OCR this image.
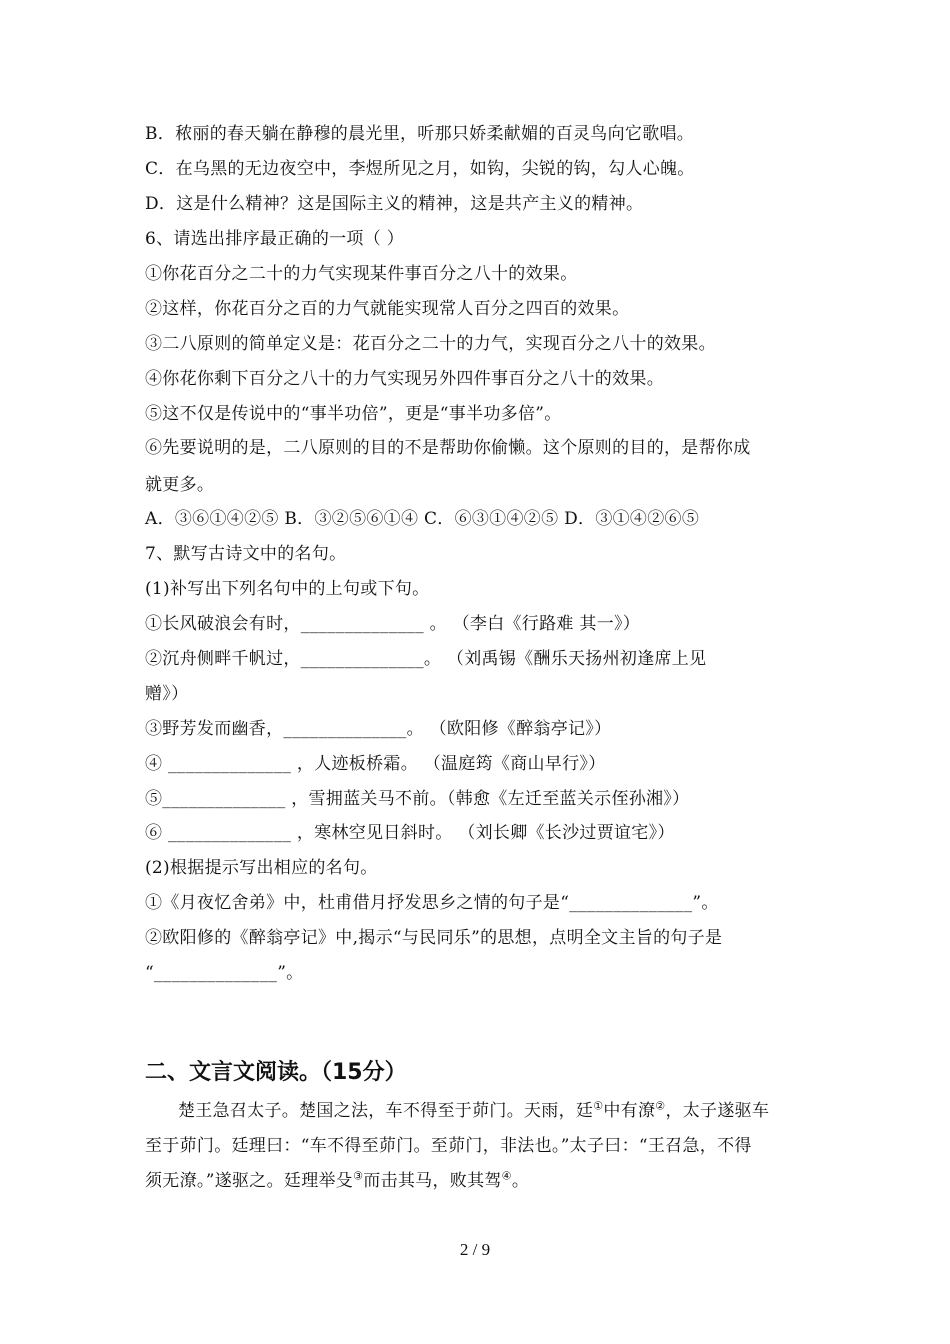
B．秾丽的春天躺在静穆的晨光里，听那只娇柔献媚的百灵鸟向它歌唱。
C．在乌黑的无边夜空中，李煜所见之月，如钩，尖锐的钩，勾人心魄。
D．这是什么精神？这是国际主义的精神，这是共产主义的精神。
6、请选出排序最正确的一项（ ）
①你花百分之二十的力气实现某件事百分之八十的效果。
②这样，你花百分之百的力气就能实现常人百分之四百的效果。
③二八原则的简单定义是：花百分之二十的力气，实现百分之八十的效果。
④你花你剩下百分之八十的力气实现另外四件事百分之八十的效果。
⑤这不仅是传说中的“事半功倍”，更是“事半功多倍”。
⑥先要说明的是，二八原则的目的不是帮助你偷懒。这个原则的目的，是帮你成
就更多。
A．③⑥①④②⑤ B．③②⑤⑥①④ C．⑥③①④②⑤ D．③①④②⑥⑤
7、默写古诗文中的名句。
(1)补写出下列名句中的上句或下句。
①长风破浪会有时，______________ 。 （李白《行路难 其一》）
②沉舟侧畔千帆过，______________。 （刘禹锡《酬乐天扬州初逢席上见
赠》）
③野芳发而幽香，______________。 （欧阳修《醉翁亭记》）
④ ______________ ，人迹板桥霜。 （温庭筠《商山早行》）
⑤______________ ，雪拥蓝关马不前。（韩愈《左迁至蓝关示侄孙湘》）
⑥ ______________ ，寒林空见日斜时。 （刘长卿《长沙过贾谊宅》）
(2)根据提示写出相应的名句。
①《月夜忆舍弟》中，杜甫借月抒发思乡之情的句子是“______________”。
②欧阳修的《醉翁亭记》中,揭示“与民同乐”的思想，点明全文主旨的句子是
“______________”。
二、文言文阅读。（15分）
楚王急召太子。楚国之法，车不得至于茆门。天雨，廷①中有潦②，太子遂驱车
至于茆门。廷理曰：“车不得至茆门。至茆门，非法也。”太子曰：“王召急，不得
须无潦。”遂驱之。廷理举殳③而击其马，败其驾④。
2 / 9
